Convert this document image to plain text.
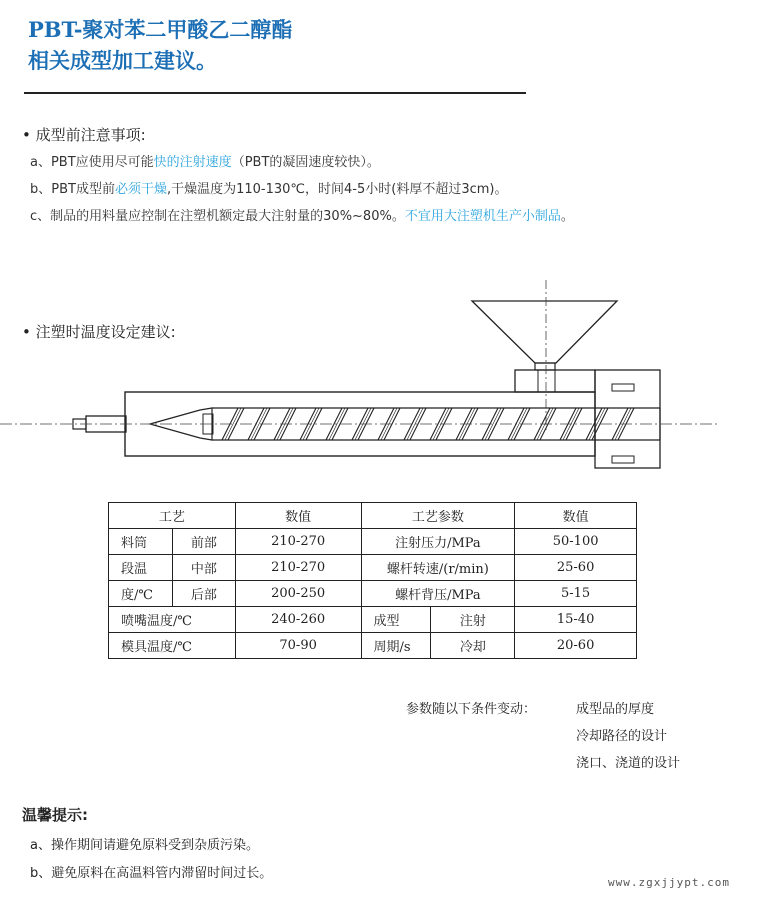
PBT-聚对苯二甲酸乙二醇酯
相关成型加工建议。
• 成型前注意事项:
a、PBT应使用尽可能快的注射速度（PBT的凝固速度较快）。
b、PBT成型前必须干燥,干燥温度为110-130℃，时间4-5小时(料厚不超过3cm)。
c、制品的用料量应控制在注塑机额定最大注射量的30%~80%。不宜用大注塑机生产小制品。
• 注塑时温度设定建议:
工艺		数值	工艺参数		数值
料筒	前部	210-270	注射压力/MPa		50-100
段温	中部	210-270	螺杆转速/(r/min)		25-60
度/℃	后部	200-250	螺杆背压/MPa		5-15
喷嘴温度/℃		240-260	成型	注射	15-40
模具温度/℃		70-90	周期/s	冷却	20-60
参数随以下条件变动：	成型品的厚度
冷却路径的设计
浇口、浇道的设计
温馨提示:
a、操作期间请避免原料受到杂质污染。
b、避免原料在高温料管内滞留时间过长。
www.zgxjjypt.com
